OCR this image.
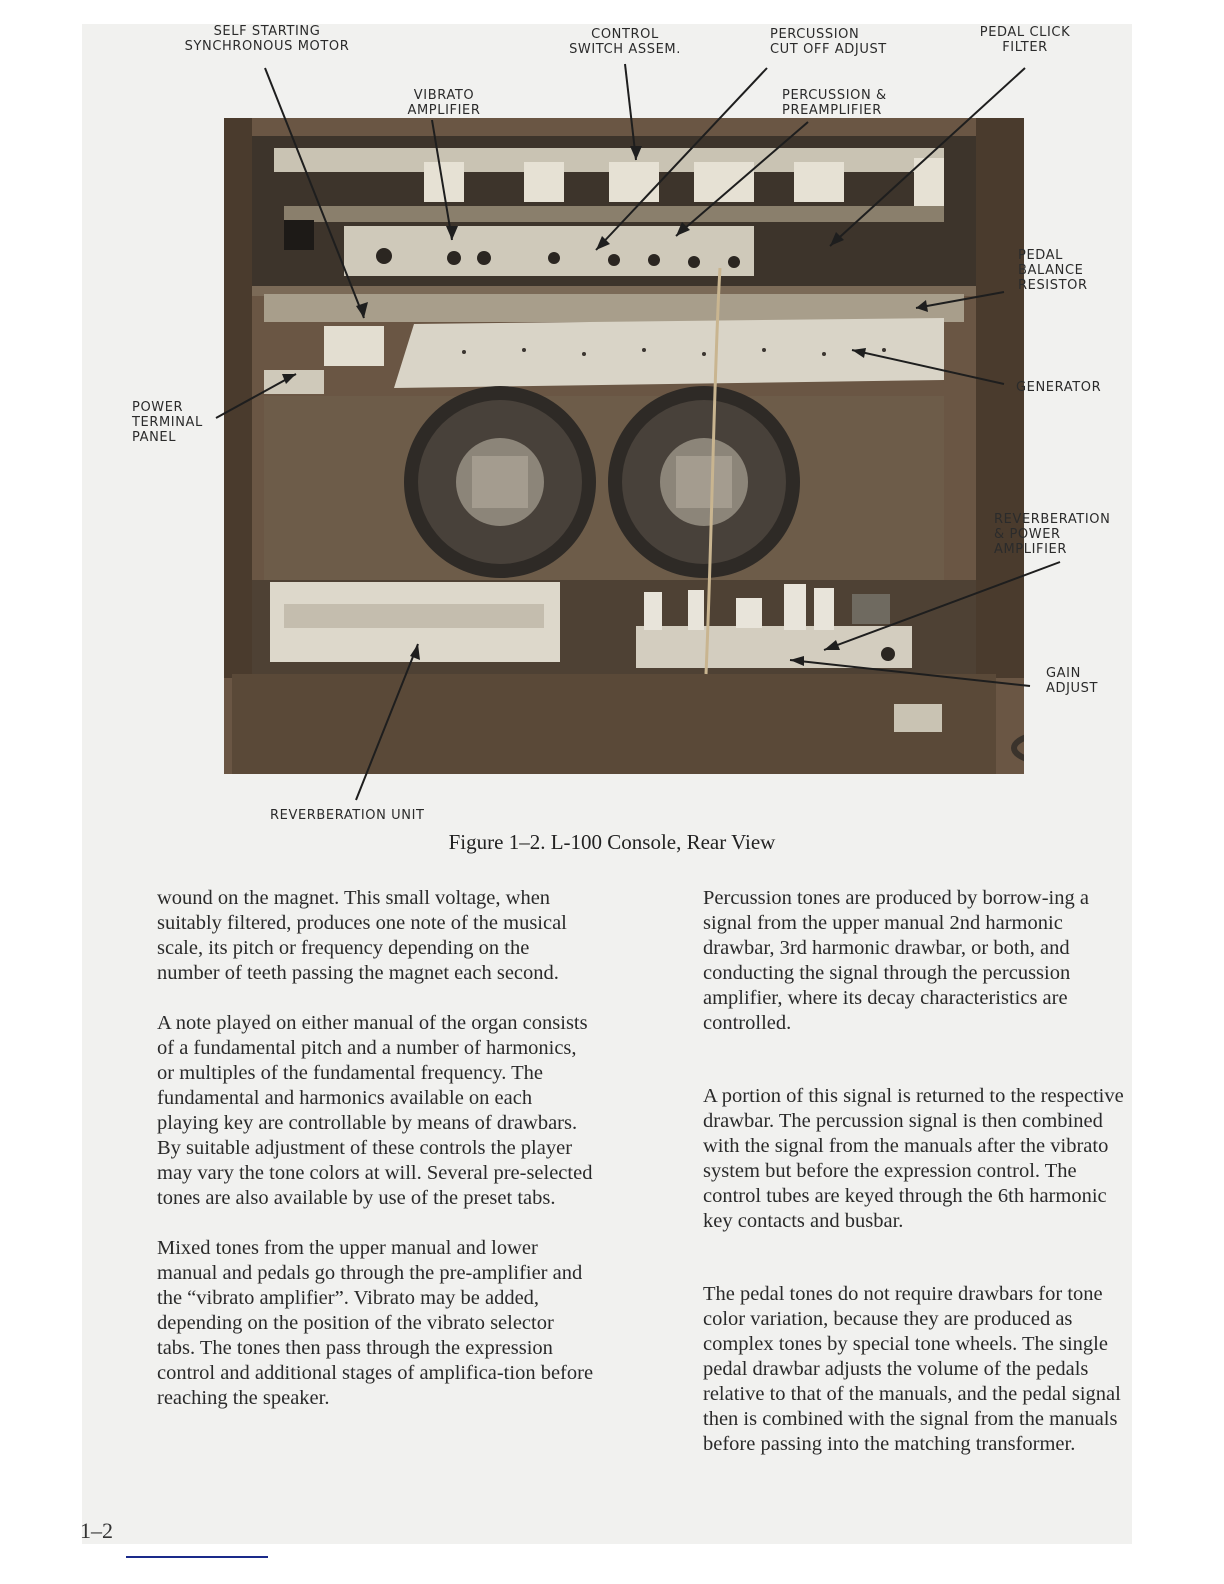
SELF STARTING
SYNCHRONOUS MOTOR
CONTROL
SWITCH ASSEM.
PERCUSSION
CUT OFF ADJUST
PEDAL CLICK
FILTER
VIBRATO
AMPLIFIER
PERCUSSION &
PREAMPLIFIER
PEDAL
BALANCE
RESISTOR
GENERATOR
POWER
TERMINAL
PANEL
REVERBERATION
& POWER
AMPLIFIER
GAIN
ADJUST
REVERBERATION UNIT
Figure 1–2. L-100 Console, Rear View

wound on the magnet. This small voltage, when suitably filtered, produces one note of the musical scale, its pitch or frequency depending on the number of teeth passing the magnet each second.

A note played on either manual of the organ consists of a fundamental pitch and a number of harmonics, or multiples of the fundamental frequency. The fundamental and harmonics available on each playing key are controllable by means of drawbars. By suitable adjustment of these controls the player may vary the tone colors at will. Several pre-selected tones are also available by use of the preset tabs.

Mixed tones from the upper manual and lower manual and pedals go through the pre-amplifier and the “vibrato amplifier”. Vibrato may be added, depending on the position of the vibrato selector tabs. The tones then pass through the expression control and additional stages of amplifica-tion before reaching the speaker.

Percussion tones are produced by borrow-ing a signal from the upper manual 2nd harmonic drawbar, 3rd harmonic drawbar, or both, and conducting the signal through the percussion amplifier, where its decay characteristics are controlled.

A portion of this signal is returned to the respective drawbar. The percussion signal is then combined with the signal from the manuals after the vibrato system but before the expression control. The control tubes are keyed through the 6th harmonic key contacts and busbar.

The pedal tones do not require drawbars for tone color variation, because they are produced as complex tones by special tone wheels. The single pedal drawbar adjusts the volume of the pedals relative to that of the manuals, and the pedal signal then is combined with the signal from the manuals before passing into the matching transformer.

1–2
